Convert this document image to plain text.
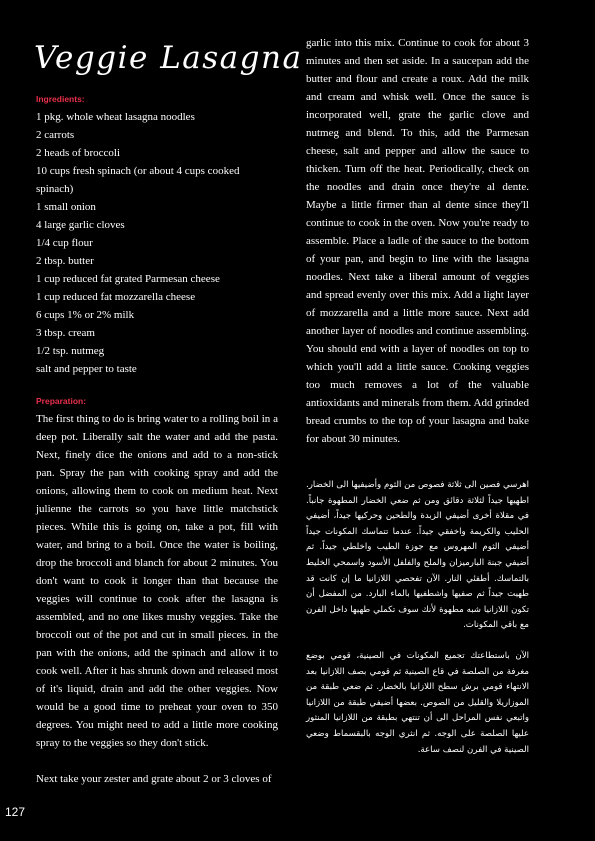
Veggie Lasagna
Ingredients:
1 pkg. whole wheat lasagna noodles
2 carrots
2 heads of broccoli
10 cups fresh spinach (or about 4 cups cooked spinach)
1 small onion
4 large garlic cloves
1/4 cup flour
2 tbsp. butter
1 cup reduced fat grated Parmesan cheese
1 cup reduced fat mozzarella cheese
6 cups 1% or 2% milk
3 tbsp. cream
1/2 tsp. nutmeg
salt and pepper to taste
Preparation:

The first thing to do is bring water to a rolling boil in a deep pot. Liberally salt the water and add the pasta. Next, finely dice the onions and add to a non-stick pan. Spray the pan with cooking spray and add the onions, allowing them to cook on medium heat. Next julienne the carrots so you have little matchstick pieces. While this is going on, take a pot, fill with water, and bring to a boil. Once the water is boiling, drop the broccoli and blanch for about 2 minutes. You don't want to cook it longer than that because the veggies will continue to cook after the lasagna is assembled, and no one likes mushy veggies. Take the broccoli out of the pot and cut in small pieces. in the pan with the onions, add the spinach and allow it to cook well. After it has shrunk down and released most of it's liquid, drain and add the other veggies. Now would be a good time to preheat your oven to 350 degrees. You might need to add a little more cooking spray to the veggies so they don't stick.

Next take your zester and grate about 2 or 3 cloves of

garlic into this mix. Continue to cook for about 3 minutes and then set aside. In a saucepan add the butter and flour and create a roux. Add the milk and cream and whisk well. Once the sauce is incorporated well, grate the garlic clove and nutmeg and blend. To this, add the Parmesan cheese, salt and pepper and allow the sauce to thicken. Turn off the heat. Periodically, check on the noodles and drain once they're al dente. Maybe a little firmer than al dente since they'll continue to cook in the oven. Now you're ready to assemble. Place a ladle of the sauce to the bottom of your pan, and begin to line with the lasagna noodles. Next take a liberal amount of veggies and spread evenly over this mix. Add a light layer of mozzarella and a little more sauce. Next add another layer of noodles and continue assembling. You should end with a layer of noodles on top to which you'll add a little sauce. Cooking veggies too much removes a lot of the valuable antioxidants and minerals from them. Add grinded bread crumbs to the top of your lasagna and bake for about 30 minutes.

اهرسي فصين الى ثلاثة فصوص من الثوم وأضيفيها الى الخضار. اطهيها جيداً لثلاثة دقائق ومن ثم ضعي الخضار المطهوة جانباً. في مقلاة أخرى أضيفي الزبدة والطحين وحركيها جيداً، أضيفي الحليب والكريمة واخفقي جيداً. عندما تتماسك المكونات جيداً أضيفي الثوم المهروس مع جوزة الطيب واخلطي جيداً. ثم أضيفي جبنة البارميزان والملح والفلفل الأسود واسمحي الخليط بالتماسك. أطفئي النار. الآن تفحصي اللازانيا ما إن كانت قد طهيت جيداً ثم صفيها واشطفيها بالماء البارد. من المفضل أن تكون اللازانيا شبه مطهوة لأنك سوف تكملي طهيها داخل الفرن مع باقي المكونات.

الآن باستطاعتك تجميع المكونات في الصينية، قومي بوضع مغرفة من الصلصة في قاع الصينية ثم قومي بصف اللازانيا بعد الانتهاء قومي برش سطح اللازانيا بالخضار. ثم ضعي طبقة من الموزاريلا والقليل من الصوص. بعضها أضيفي طبقة من اللازانيا واتبعي نفس المراحل الى أن تنتهي بطبقة من اللازانيا المنثور عليها الصلصة على الوجه. ثم انثري الوجه بالبقسماط وضعي الصينية في الفرن لنصف ساعة.

127
